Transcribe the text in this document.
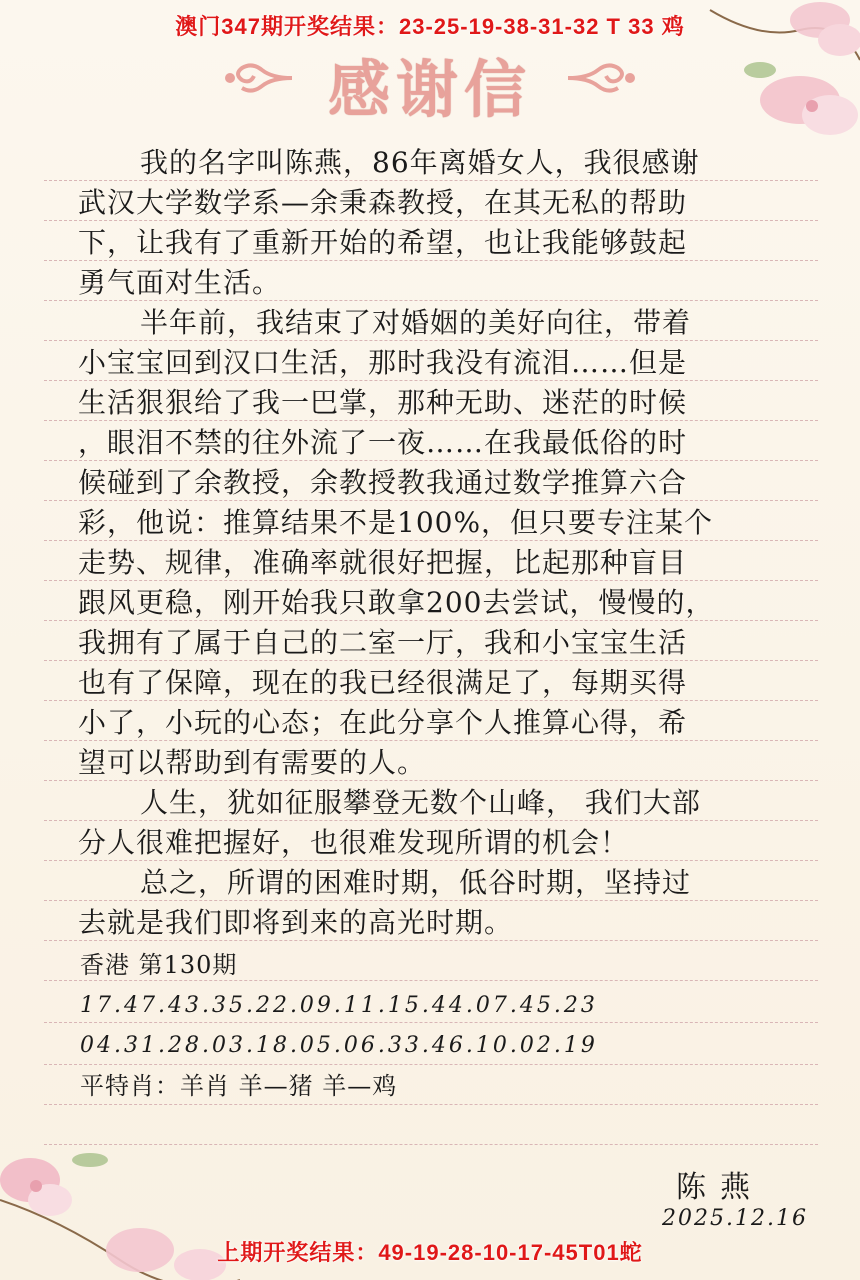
澳门347期开奖结果：23-25-19-38-31-32 T 33 鸡
感谢信
我的名字叫陈燕，86年离婚女人，我很感谢
武汉大学数学系—余秉森教授，在其无私的帮助
下，让我有了重新开始的希望，也让我能够鼓起
勇气面对生活。
半年前，我结束了对婚姻的美好向往，带着
小宝宝回到汉口生活，那时我没有流泪……但是
生活狠狠给了我一巴掌，那种无助、迷茫的时候
，眼泪不禁的往外流了一夜……在我最低俗的时
候碰到了余教授，余教授教我通过数学推算六合
彩，他说：推算结果不是100%，但只要专注某个
走势、规律，准确率就很好把握，比起那种盲目
跟风更稳，刚开始我只敢拿200去尝试，慢慢的，
我拥有了属于自己的二室一厅，我和小宝宝生活
也有了保障，现在的我已经很满足了，每期买得
小了，小玩的心态；在此分享个人推算心得，希
望可以帮助到有需要的人。
人生，犹如征服攀登无数个山峰， 我们大部
分人很难把握好，也很难发现所谓的机会！
总之，所谓的困难时期，低谷时期，坚持过
去就是我们即将到来的高光时期。
香港 第130期
17.47.43.35.22.09.11.15.44.07.45.23
04.31.28.03.18.05.06.33.46.10.02.19
平特肖：羊肖 羊—猪 羊—鸡
陈燕
2025.12.16
上期开奖结果：49-19-28-10-17-45T01蛇
